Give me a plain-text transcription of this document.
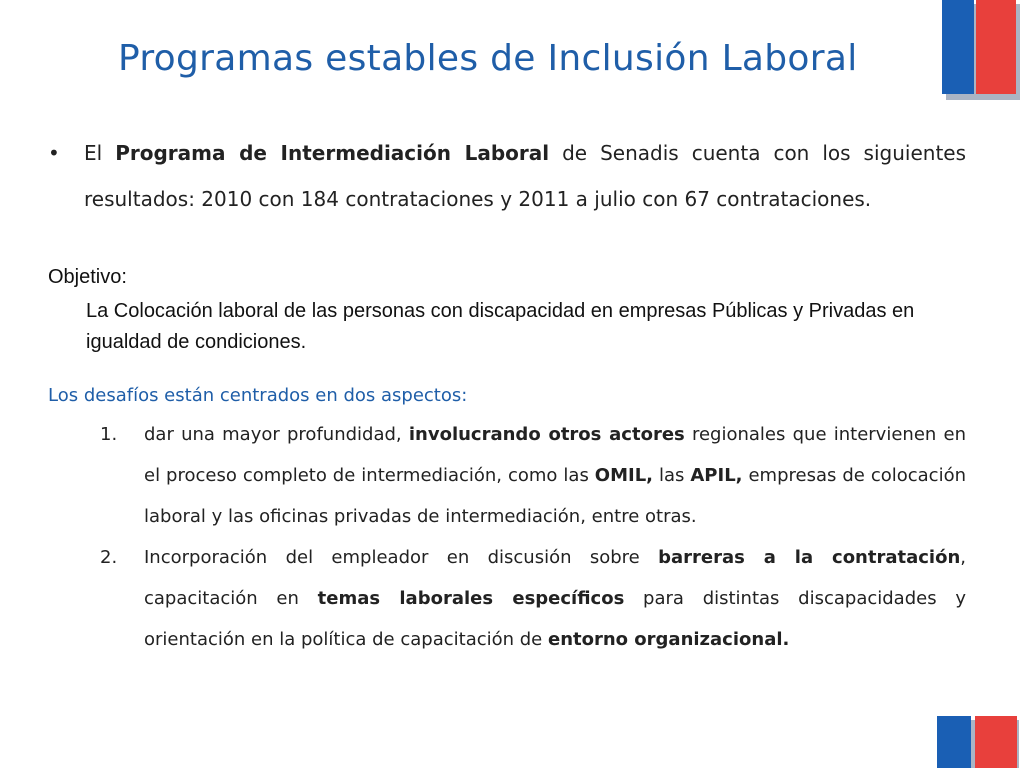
Programas estables de Inclusión Laboral
•	El Programa de Intermediación Laboral de Senadis cuenta con los siguientes resultados: 2010 con 184 contrataciones y 2011 a julio con 67 contrataciones.
Objetivo:
La Colocación laboral de las personas con discapacidad en empresas Públicas y Privadas en igualdad de condiciones.
Los desafíos están centrados en dos aspectos:
1. dar una mayor profundidad, involucrando otros actores regionales que intervienen en el proceso completo de intermediación, como las OMIL, las APIL, empresas de colocación laboral y las oficinas privadas de intermediación, entre otras.
2. Incorporación del empleador en discusión sobre barreras a la contratación, capacitación en temas laborales específicos para distintas discapacidades y orientación en la política de capacitación de entorno organizacional.
